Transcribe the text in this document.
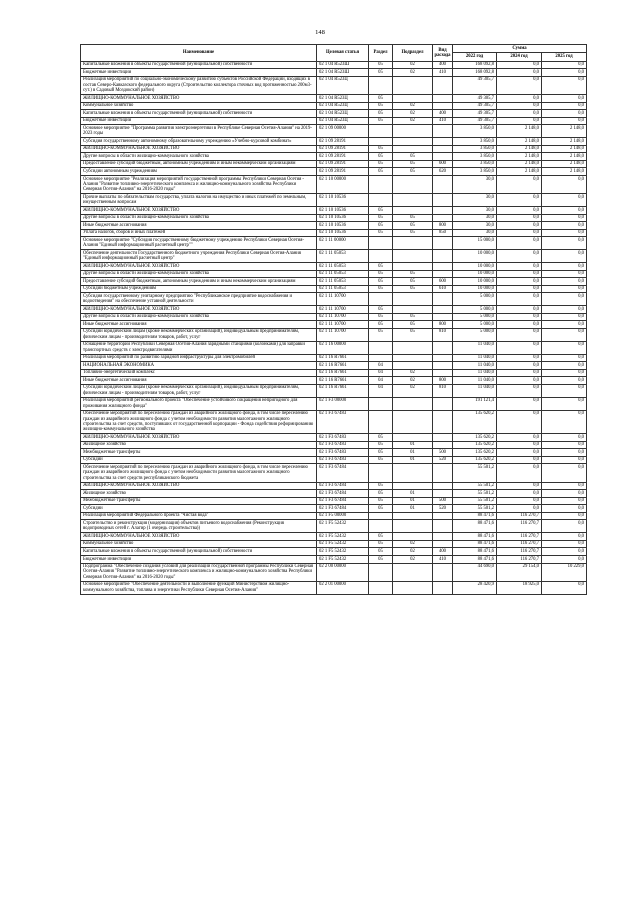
148
Наименование	Целевая статья	Раздел	Подраздел	Вид расхода	Сумма		
					2022 год	2024 год	2025 год
Капитальные вложения в объекты государственной (муниципальной) собственности	02 1 04 R523Ш	05	02	400	168 092,8	0,0	0,0
Бюджетные инвестиции	02 1 04 R523Ш	05	02	410	168 092,8	0,0	0,0
Реализация мероприятий по социально-экономическому развитию субъектов Российской Федерации, входящих в состав Северо-Кавказского федерального округа (Строительство коллектора сточных вод протяженностью 200м3-сут.) в Садовый Моздокский район)	02 1 04 R523Ц				49 305,7	0,0	0,0
ЖИЛИЩНО-КОММУНАЛЬНОЕ ХОЗЯЙСТВО	02 1 04 R523Ц	05			49 305,7	0,0	0,0
Коммунальное хозяйство	02 1 04 R523Ц	05	02		49 305,7	0,0	0,0
Капитальные вложения в объекты государственной (муниципальной) собственности	02 1 04 R523Ц	05	02	400	49 305,7	0,0	0,0
Бюджетные инвестиции	02 1 04 R523Ц	05	02	410	49 305,7	0,0	0,0
Основное мероприятие "Программа развития электроэнергетики в Республике Северная Осетия-Алания" на 2019-2023 годы	02 1 09 00000				3 850,0	2 148,0	2 148,0
Субсидия государственному автономному образовательному учреждению «Учебно-курсовой комбинат»	02 1 09 28191				3 850,0	2 148,0	2 148,0
ЖИЛИЩНО-КОММУНАЛЬНОЕ ХОЗЯЙСТВО	02 1 09 28191	05			3 850,0	2 148,0	2 148,0
Другие вопросы в области жилищно-коммунального хозяйства	02 1 09 28191	05	05		3 850,0	2 148,0	2 148,0
Предоставление субсидий бюджетным, автономным учреждениям и иным некоммерческим организациям	02 1 09 28191	05	05	600	3 850,0	2 148,0	2 148,0
Субсидии автономным учреждениям	02 1 09 28191	05	05	620	3 850,0	2 148,0	2 148,0
Основное мероприятие "Реализация мероприятий государственной программы Республики Северная Осетия - Алания "Развитие топливно-энергетического комплекса и жилищно-коммунального хозяйства Республики Северная Осетия-Алания" на 2016-2020 годы"	02 1 10 00000				30,0	0,0	0,0
Прочие выплаты по обязательствам государства, уплата налогов на имущество и иных платежей по земельным, имущественным вопросам	02 1 10 10536				30,0	0,0	0,0
ЖИЛИЩНО-КОММУНАЛЬНОЕ ХОЗЯЙСТВО	02 1 10 10536	05			30,0	0,0	0,0
Другие вопросы в области жилищно-коммунального хозяйства	02 1 10 10536	05	05		30,0	0,0	0,0
Иные бюджетные ассигнования	02 1 10 10536	05	05	800	30,0	0,0	0,0
Уплата налогов, сборов и иных платежей	02 1 10 10536	05	05	850	30,0	0,0	0,0
Основное мероприятие "Субсидия государственному бюджетному учреждению Республики Северная Осетия-Алания "Единый информационный расчетный центр""	02 1 11 00000				15 000,0	0,0	0,0
Обеспечение деятельности Государственного бюджетного учреждения Республики Северная Осетия-Алания "Единый информационный расчетный центр"	02 1 11 05053				10 000,0	0,0	0,0
ЖИЛИЩНО-КОММУНАЛЬНОЕ ХОЗЯЙСТВО	02 1 11 05053	05			10 000,0	0,0	0,0
Другие вопросы в области жилищно-коммунального хозяйства	02 1 11 05053	05	05		10 000,0	0,0	0,0
Предоставление субсидий бюджетным, автономным учреждениям и иным некоммерческим организациям	02 1 11 05053	05	05	600	10 000,0	0,0	0,0
Субсидии бюджетным учреждениям	02 1 11 05053	05	05	610	10 000,0	0,0	0,0
Субсидия государственному унитарному предприятию "Республиканское предприятие водоснабжения и водоотведения" на обеспечение уставной деятельности	02 1 11 10700				5 000,0	0,0	0,0
ЖИЛИЩНО-КОММУНАЛЬНОЕ ХОЗЯЙСТВО	02 1 11 10700	05			5 000,0	0,0	0,0
Другие вопросы в области жилищно-коммунального хозяйства	02 1 11 10700	05	05		5 000,0	0,0	0,0
Иные бюджетные ассигнования	02 1 11 10700	05	05	800	5 000,0	0,0	0,0
Субсидии юридическим лицам (кроме некоммерческих организаций), индивидуальным предпринимателям, физическим лицам - производителям товаров, работ, услуг	02 1 11 10700	05	05	810	5 000,0	0,0	0,0
Оснащение территории Республики Северная Осетия-Алания зарядными станциями (колонками) для заправки транспортных средств с электродвигателями	02 1 16 00000				11 040,0	0,0	0,0
Реализация мероприятий по развитию зарядной инфраструктуры для электромобилей	02 1 16 R7661				11 040,0	0,0	0,0
НАЦИОНАЛЬНАЯ ЭКОНОМИКА	02 1 16 R7661	04			11 040,0	0,0	0,0
Топливно-энергетический комплекс	02 1 16 R7661	04	02		11 040,0	0,0	0,0
Иные бюджетные ассигнования	02 1 16 R7661	04	02	800	11 040,0	0,0	0,0
Субсидии юридическим лицам (кроме некоммерческих организаций), индивидуальным предпринимателям, физическим лицам - производителям товаров, работ, услуг	02 1 16 R7661	04	02	810	11 040,0	0,0	0,0
Реализация мероприятий регионального проекта "Обеспечение устойчивого сокращения непригодного для проживания жилищного фонда"	02 1 F3 00000				191 121,4	0,0	0,0
Обеспечение мероприятий по переселению граждан из аварийного жилищного фонда, в том числе переселению граждан из аварийного жилищного фонда с учетом необходимости развития малоэтажного жилищного строительства за счет средств, поступивших от государственной корпорации - Фонда содействия реформированию жилищно-коммунального хозяйства	02 1 F3 67483				135 620,2	0,0	0,0
ЖИЛИЩНО-КОММУНАЛЬНОЕ ХОЗЯЙСТВО	02 1 F3 67483	05			135 620,2	0,0	0,0
Жилищное хозяйство	02 1 F3 67483	05	01		135 620,2	0,0	0,0
Межбюджетные трансферты	02 1 F3 67483	05	01	500	135 620,2	0,0	0,0
Субсидии	02 1 F3 67483	05	01	520	135 620,2	0,0	0,0
Обеспечение мероприятий по переселению граждан из аварийного жилищного фонда, в том числе переселению граждан из аварийного жилищного фонда с учетом необходимости развития малоэтажного жилищного строительства за счет средств республиканского бюджета	02 1 F3 67484				55 501,2	0,0	0,0
ЖИЛИЩНО-КОММУНАЛЬНОЕ ХОЗЯЙСТВО	02 1 F3 67484	05			55 501,2	0,0	0,0
Жилищное хозяйство	02 1 F3 67484	05	01		55 501,2	0,0	0,0
Межбюджетные трансферты	02 1 F3 67484	05	01	500	55 501,2	0,0	0,0
Субсидии	02 1 F3 67484	05	01	520	55 501,2	0,0	0,0
Реализация мероприятий Федерального проекта "Чистая вода"	02 1 F5 00000				88 471,6	116 270,7	0,0
Строительство и реконструкция (модернизация) объектов питьевого водоснабжения (Реконструкция водопроводных сетей г. Алагир (1 очередь строительства))	02 1 F5 52432				88 471,6	116 270,7	0,0
ЖИЛИЩНО-КОММУНАЛЬНОЕ ХОЗЯЙСТВО	02 1 F5 52432	05			88 471,6	116 270,7	0,0
Коммунальное хозяйство	02 1 F5 52432	05	02		88 471,6	116 270,7	0,0
Капитальные вложения в объекты государственной (муниципальной) собственности	02 1 F5 52432	05	02	400	88 471,6	116 270,7	0,0
Бюджетные инвестиции	02 1 F5 52432	05	02	410	88 471,6	116 270,7	0,0
Подпрограмма "Обеспечение создания условий для реализации государственной программы Республики Северная Осетия-Алания "Развитие топливно-энергетического комплекса и жилищно-коммунального хозяйства Республики Северная Осетия-Алания" на 2016-2020 годы"	02 2 00 00000				44 690,0	29 154,0	10 229,0
Основное мероприятие "Обеспечение деятельности и выполнение функций Министерством жилищно-коммунального хозяйства, топлива и энергетики Республики Северная Осетия-Алания"	02 2 01 00000				28 420,9	18 925,0	0,0
